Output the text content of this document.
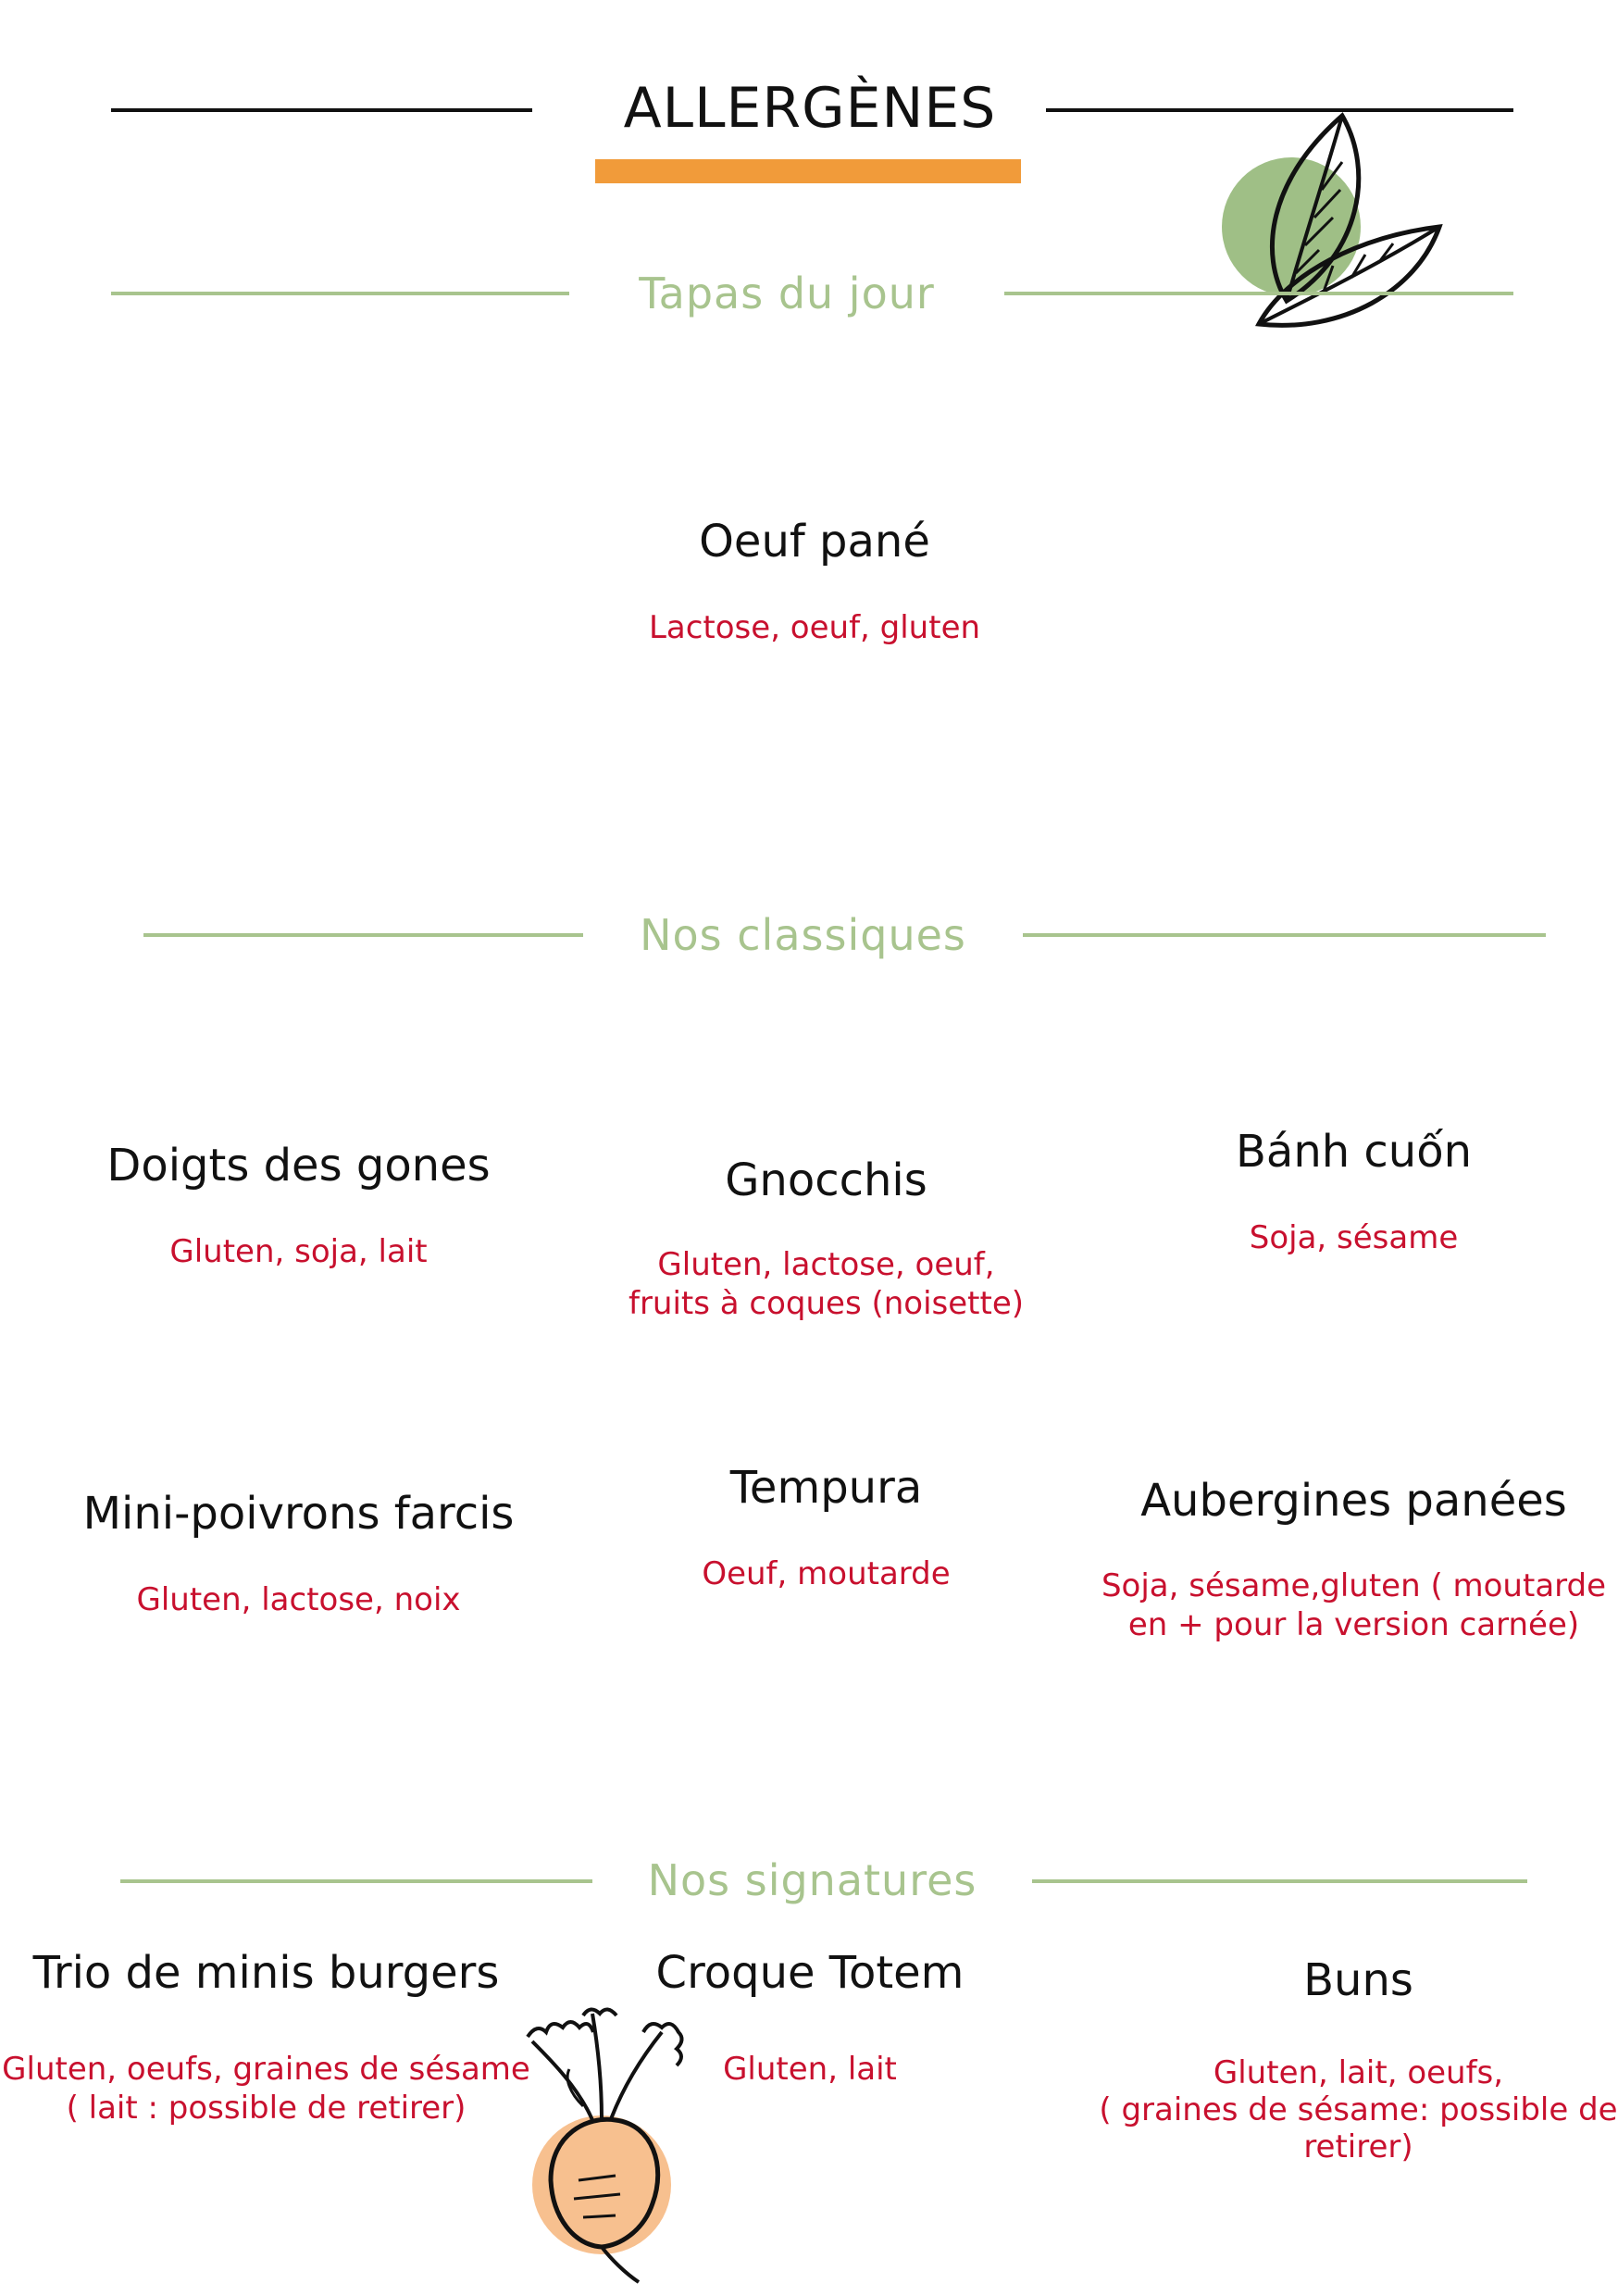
ALLERGÈNES
Tapas du jour
Oeuf pané
Lactose, oeuf, gluten
Nos classiques
Doigts des gones
Gluten, soja, lait
Gnocchis
Gluten, lactose, oeuf,
fruits à coques (noisette)
Bánh cuốn
Soja, sésame
Mini-poivrons farcis
Gluten, lactose, noix
Tempura
Oeuf, moutarde
Aubergines panées
Soja, sésame,gluten ( moutarde
en + pour la version carnée)
Nos signatures
Trio de minis burgers
Gluten, oeufs, graines de sésame
( lait : possible de retirer)
Croque Totem
Gluten, lait
Buns
Gluten, lait, oeufs,
( graines de sésame: possible de
retirer)
